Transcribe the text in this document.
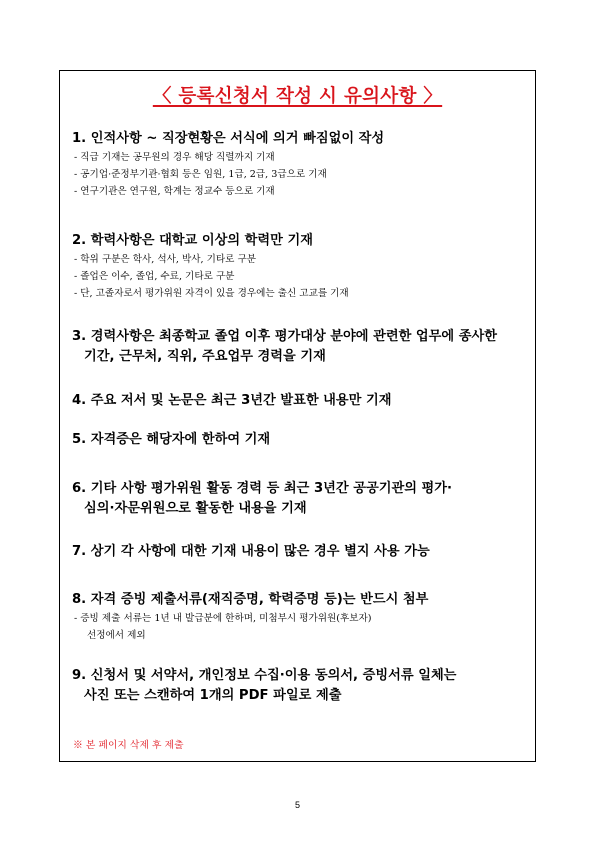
〈 등록신청서 작성 시 유의사항 〉
1. 인적사항 ~ 직장현황은 서식에 의거 빠짐없이 작성
- 직급 기재는 공무원의 경우 해당 직렬까지 기재
- 공기업·준정부기관·협회 등은 임원, 1급, 2급, 3급으로 기재
- 연구기관은 연구원, 학계는 정교수 등으로 기재
2. 학력사항은 대학교 이상의 학력만 기재
- 학위 구분은 학사, 석사, 박사, 기타로 구분
- 졸업은 이수, 졸업, 수료, 기타로 구분
- 단, 고졸자로서 평가위원 자격이 있을 경우에는 출신 고교를 기재
3. 경력사항은 최종학교 졸업 이후 평가대상 분야에 관련한 업무에 종사한
기간, 근무처, 직위, 주요업무 경력을 기재
4. 주요 저서 및 논문은 최근 3년간 발표한 내용만 기재
5. 자격증은 해당자에 한하여 기재
6. 기타 사항 평가위원 활동 경력 등 최근 3년간 공공기관의 평가·
심의·자문위원으로 활동한 내용을 기재
7. 상기 각 사항에 대한 기재 내용이 많은 경우 별지 사용 가능
8. 자격 증빙 제출서류(재직증명, 학력증명 등)는 반드시 첨부
- 증빙 제출 서류는 1년 내 발급분에 한하며, 미첨부시 평가위원(후보자)
선정에서 제외
9. 신청서 및 서약서, 개인정보 수집·이용 동의서, 증빙서류 일체는
사진 또는 스캔하여 1개의 PDF 파일로 제출
※ 본 페이지 삭제 후 제출
5
